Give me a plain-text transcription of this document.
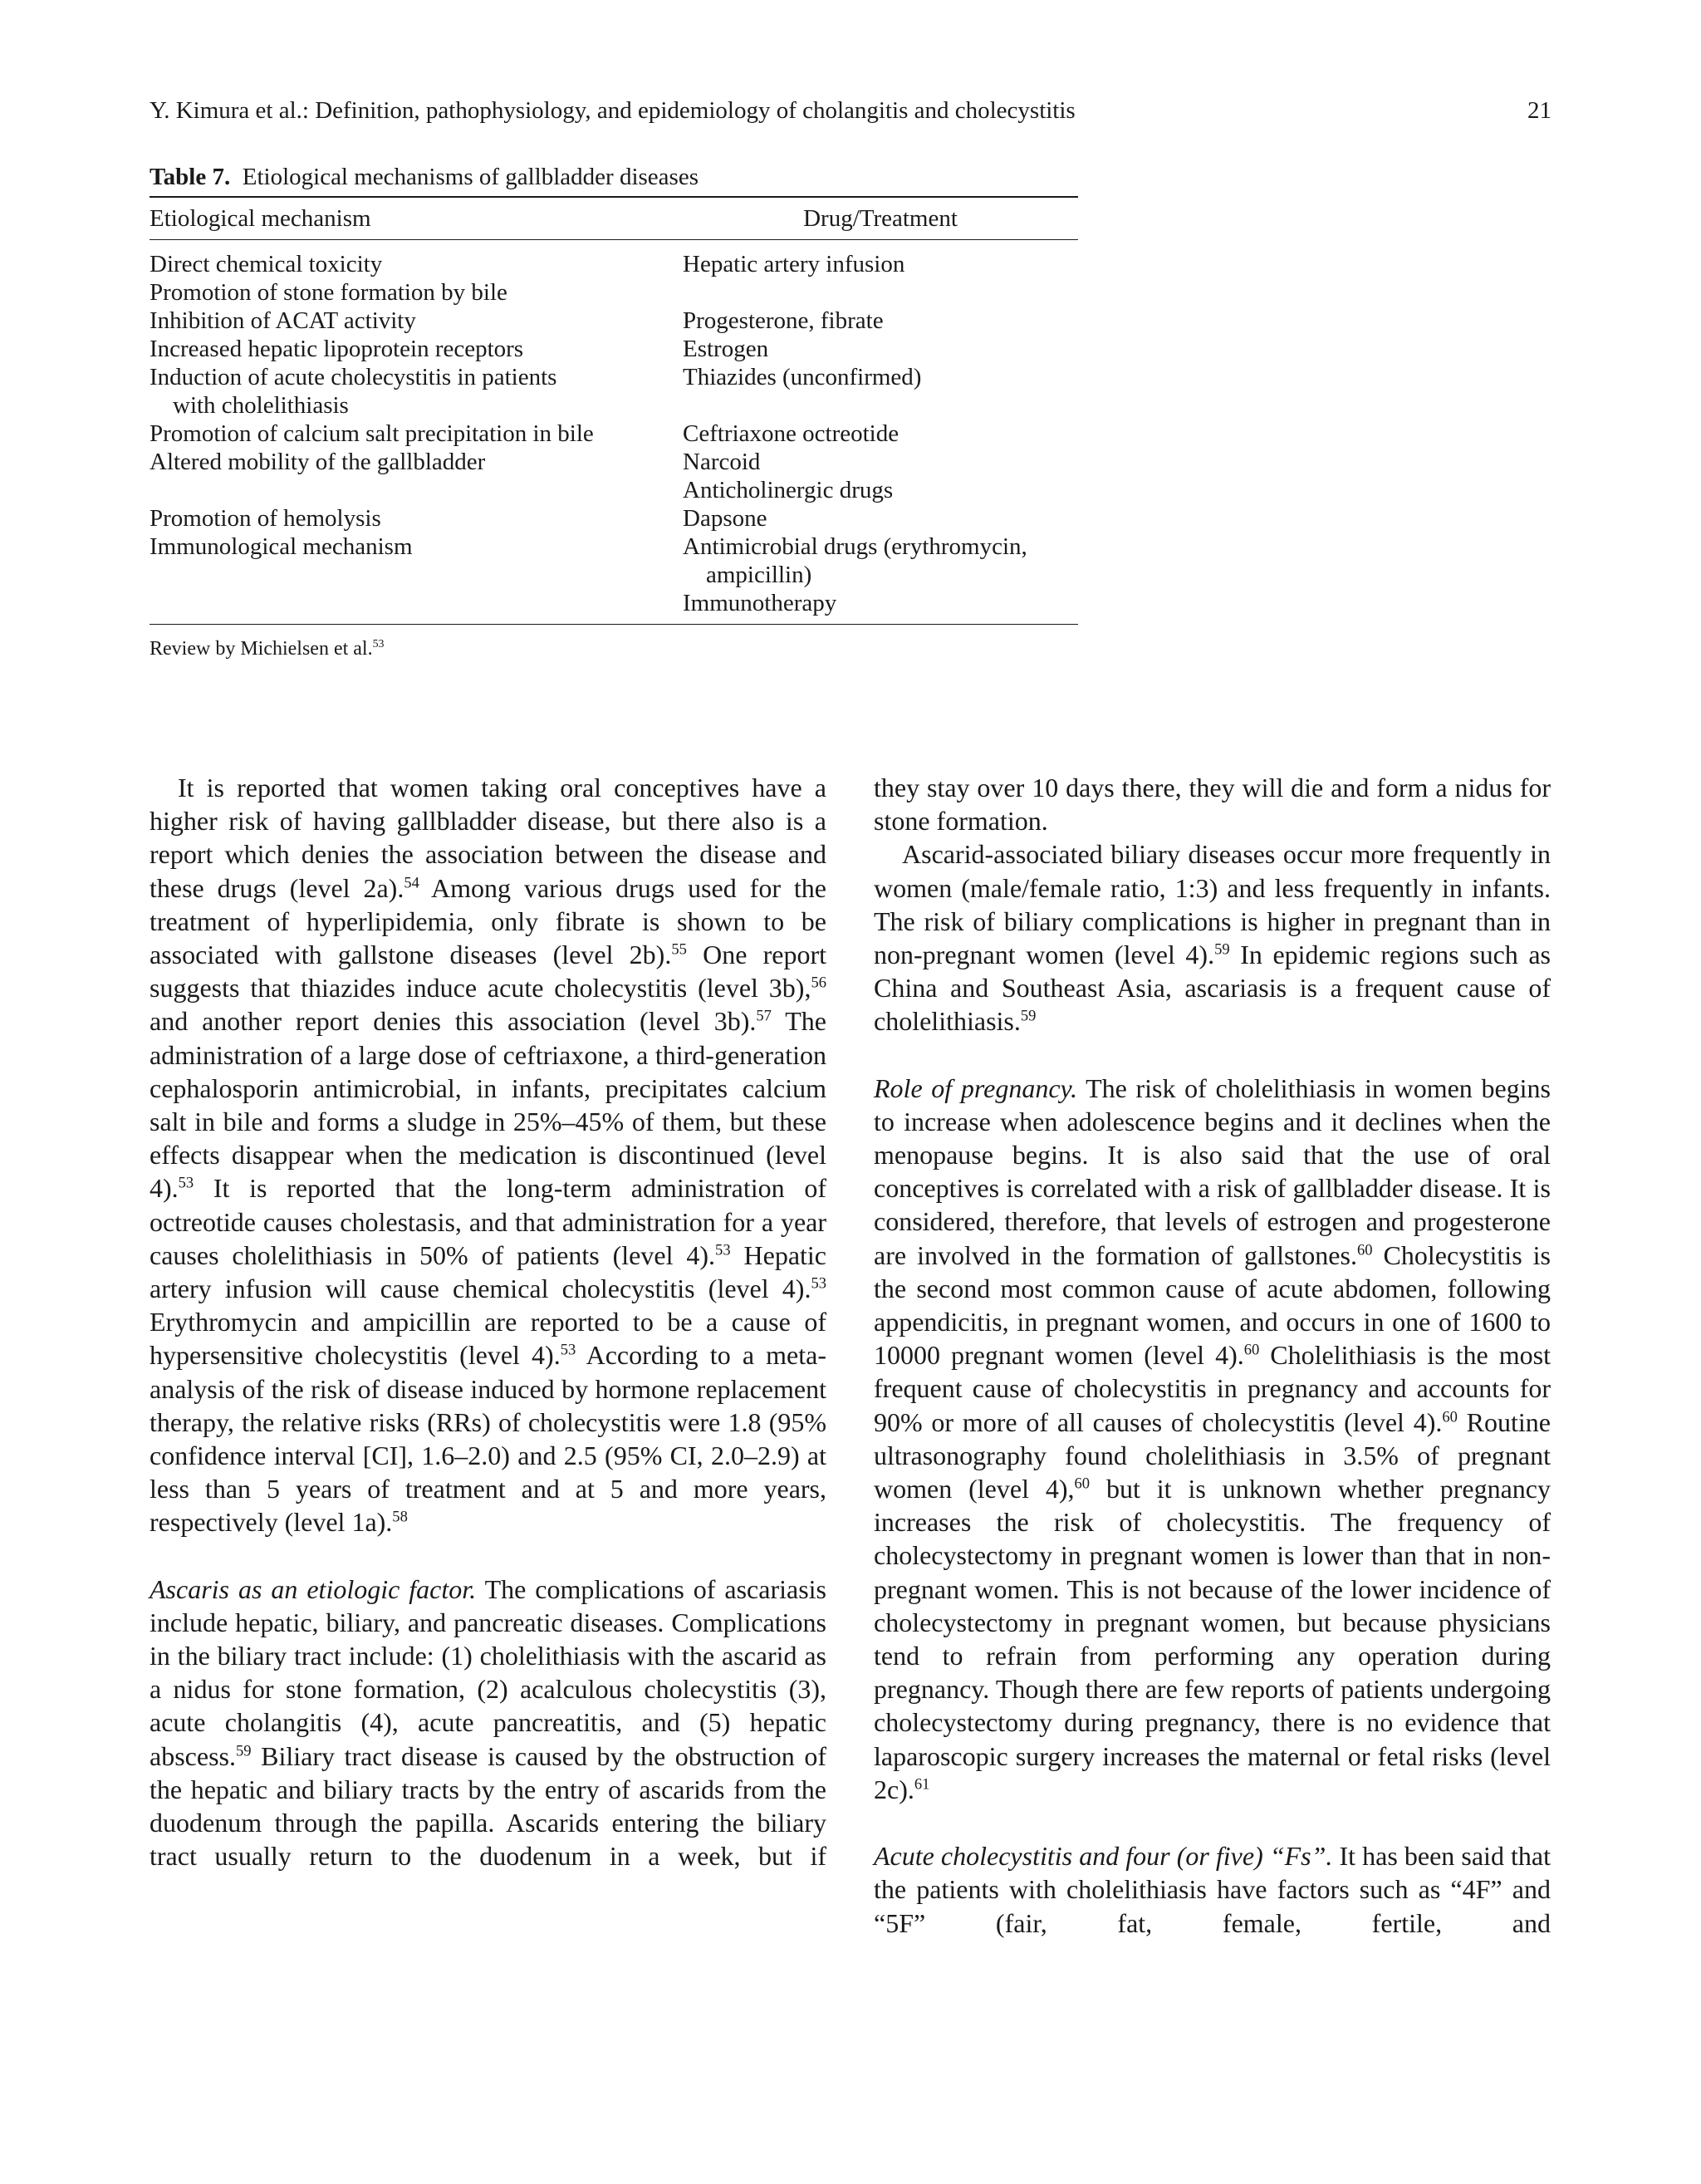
Y. Kimura et al.: Definition, pathophysiology, and epidemiology of cholangitis and cholecystitis	21
Table 7. Etiological mechanisms of gallbladder diseases
Etiological mechanism	Drug/Treatment
Direct chemical toxicity	Hepatic artery infusion
Promotion of stone formation by bile	
Inhibition of ACAT activity	Progesterone, fibrate
Increased hepatic lipoprotein receptors	Estrogen
Induction of acute cholecystitis in patients	Thiazides (unconfirmed)

with cholelithiasis	

Promotion of calcium salt precipitation in bile	Ceftriaxone octreotide
Altered mobility of the gallbladder	Narcoid
	Anticholinergic drugs
Promotion of hemolysis	Dapsone
Immunological mechanism	Antimicrobial drugs (erythromycin,

	ampicillin)

	Immunotherapy
Review by Michielsen et al.$^{53}$

It is reported that women taking oral conceptives have a higher risk of having gallbladder disease, but there also is a report which denies the association between the disease and these drugs (level 2a).$^{54}$ Among various drugs used for the treatment of hyperlipidemia, only fibrate is shown to be associated with gallstone diseases (level 2b).$^{55}$ One report suggests that thiazides induce acute cholecystitis (level 3b),$^{56}$ and another report denies this association (level 3b).$^{57}$ The administration of a large dose of ceftriaxone, a third-generation cephalosporin antimicrobial, in infants, precipitates calcium salt in bile and forms a sludge in 25%–45% of them, but these effects disappear when the medication is discontinued (level 4).$^{53}$ It is reported that the long-term administration of octreotide causes cholestasis, and that administration for a year causes cholelithiasis in 50% of patients (level 4).$^{53}$ Hepatic artery infusion will cause chemical cholecystitis (level 4).$^{53}$ Erythromycin and ampicillin are reported to be a cause of hypersensitive cholecystitis (level 4).$^{53}$ According to a meta-analysis of the risk of disease induced by hormone replacement therapy, the relative risks (RRs) of cholecystitis were 1.8 (95% confidence interval [CI], 1.6–2.0) and 2.5 (95% CI, 2.0–2.9) at less than 5 years of treatment and at 5 and more years, respectively (level 1a).$^{58}$

Ascaris as an etiologic factor. The complications of ascariasis include hepatic, biliary, and pancreatic diseases. Complications in the biliary tract include: (1) cholelithiasis with the ascarid as a nidus for stone formation, (2) acalculous cholecystitis (3), acute cholangitis (4), acute pancreatitis, and (5) hepatic abscess.$^{59}$ Biliary tract disease is caused by the obstruction of the hepatic and biliary tracts by the entry of ascarids from the duodenum through the papilla. Ascarids entering the biliary tract usually return to the duodenum in a week, but if

they stay over 10 days there, they will die and form a nidus for stone formation.

Ascarid-associated biliary diseases occur more frequently in women (male/female ratio, 1:3) and less frequently in infants. The risk of biliary complications is higher in pregnant than in non-pregnant women (level 4).$^{59}$ In epidemic regions such as China and Southeast Asia, ascariasis is a frequent cause of cholelithiasis.$^{59}$

Role of pregnancy. The risk of cholelithiasis in women begins to increase when adolescence begins and it declines when the menopause begins. It is also said that the use of oral conceptives is correlated with a risk of gallbladder disease. It is considered, therefore, that levels of estrogen and progesterone are involved in the formation of gallstones.$^{60}$ Cholecystitis is the second most common cause of acute abdomen, following appendicitis, in pregnant women, and occurs in one of 1600 to 10000 pregnant women (level 4).$^{60}$ Cholelithiasis is the most frequent cause of cholecystitis in pregnancy and accounts for 90% or more of all causes of cholecystitis (level 4).$^{60}$ Routine ultrasonography found cholelithiasis in 3.5% of pregnant women (level 4),$^{60}$ but it is unknown whether pregnancy increases the risk of cholecystitis. The frequency of cholecystectomy in pregnant women is lower than that in non-pregnant women. This is not because of the lower incidence of cholecystectomy in pregnant women, but because physicians tend to refrain from performing any operation during pregnancy. Though there are few reports of patients undergoing cholecystectomy during pregnancy, there is no evidence that laparoscopic surgery increases the maternal or fetal risks (level 2c).$^{61}$

Acute cholecystitis and four (or five) “Fs”. It has been said that the patients with cholelithiasis have factors such as “4F” and “5F” (fair, fat, female, fertile, and
